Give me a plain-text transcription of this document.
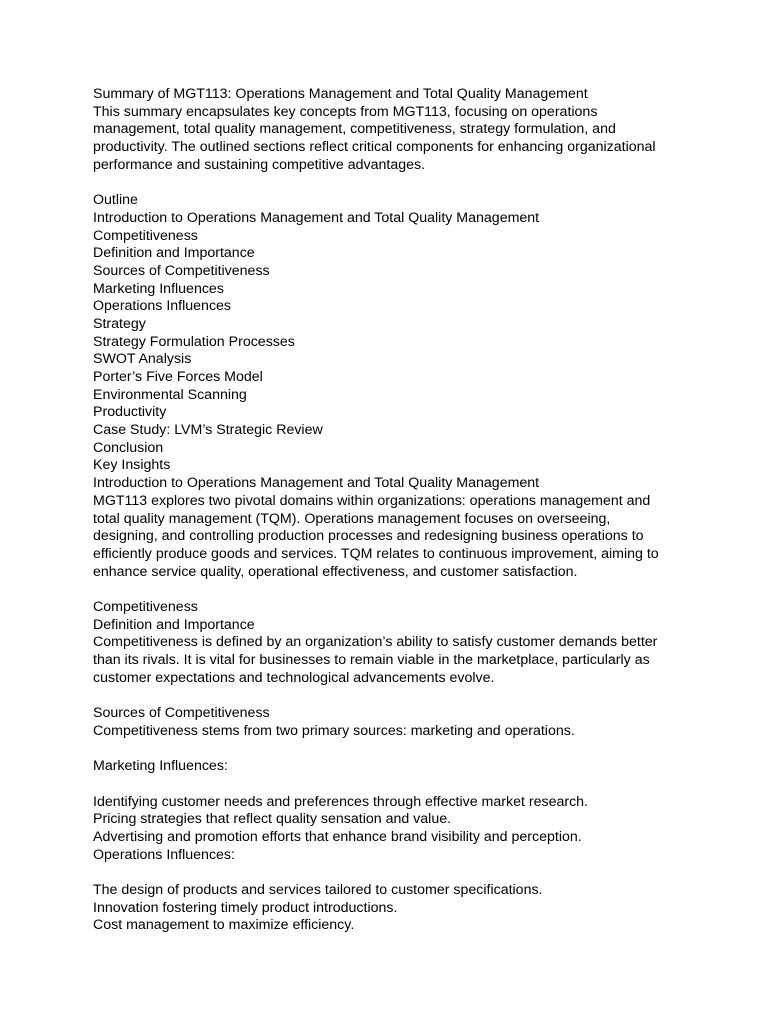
Summary of MGT113: Operations Management and Total Quality Management
This summary encapsulates key concepts from MGT113, focusing on operations
management, total quality management, competitiveness, strategy formulation, and
productivity. The outlined sections reflect critical components for enhancing organizational
performance and sustaining competitive advantages.
Outline
Introduction to Operations Management and Total Quality Management
Competitiveness
Definition and Importance
Sources of Competitiveness
Marketing Influences
Operations Influences
Strategy
Strategy Formulation Processes
SWOT Analysis
Porter’s Five Forces Model
Environmental Scanning
Productivity
Case Study: LVM’s Strategic Review
Conclusion
Key Insights
Introduction to Operations Management and Total Quality Management
MGT113 explores two pivotal domains within organizations: operations management and
total quality management (TQM). Operations management focuses on overseeing,
designing, and controlling production processes and redesigning business operations to
efficiently produce goods and services. TQM relates to continuous improvement, aiming to
enhance service quality, operational effectiveness, and customer satisfaction.
Competitiveness
Definition and Importance
Competitiveness is defined by an organization’s ability to satisfy customer demands better
than its rivals. It is vital for businesses to remain viable in the marketplace, particularly as
customer expectations and technological advancements evolve.
Sources of Competitiveness
Competitiveness stems from two primary sources: marketing and operations.
Marketing Influences:
Identifying customer needs and preferences through effective market research.
Pricing strategies that reflect quality sensation and value.
Advertising and promotion efforts that enhance brand visibility and perception.
Operations Influences:
The design of products and services tailored to customer specifications.
Innovation fostering timely product introductions.
Cost management to maximize efficiency.
